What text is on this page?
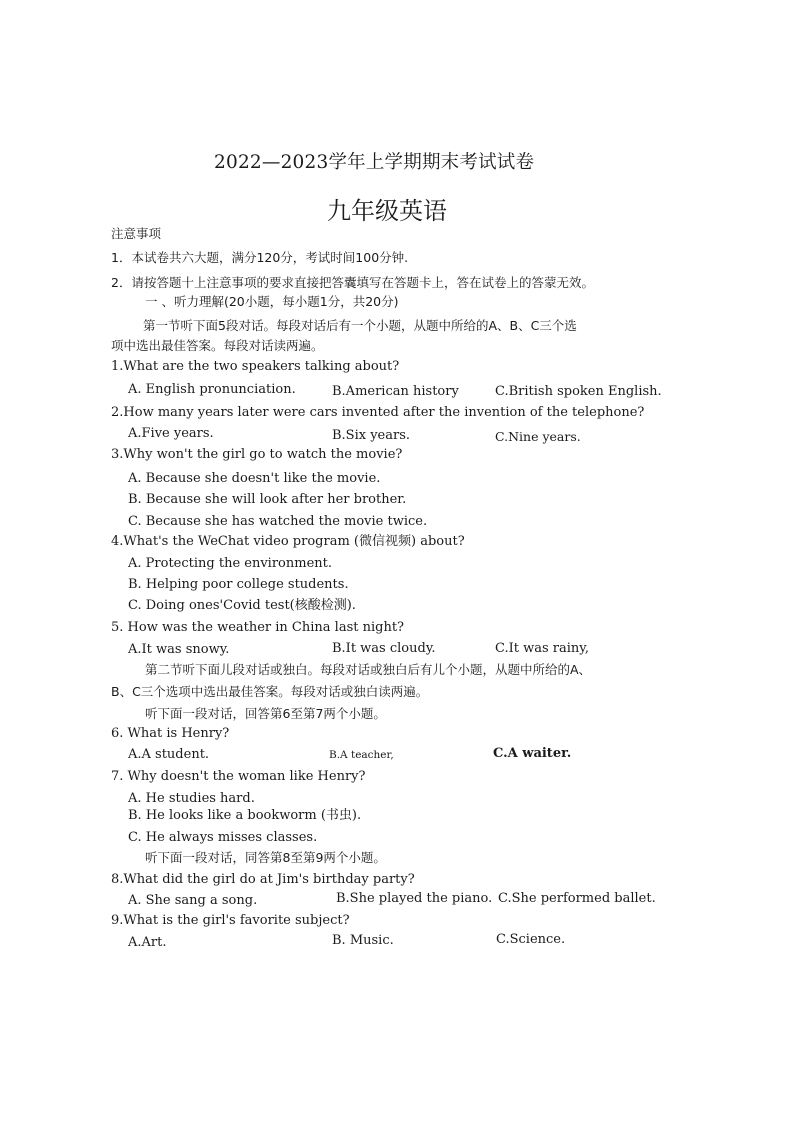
2022—2023学年上学期期末考试试卷
九年级英语
注意事项
1．本试卷共六大题，满分120分，考试时间100分钟.
2．请按答题十上注意事项的要求直接把答囊填写在答题卡上，答在试卷上的答蒙无效。
一 、听力理解(20小题，每小题1分，共20分)
第一节听下面5段对话。每段对话后有一个小题，从题中所给的A、B、C三个选
项中选出最佳答案。每段对话读两遍。
1.What are the two speakers talking about?
A. English pronunciation.	B.American history	C.British spoken English.
2.How many years later were cars invented after the invention of the telephone?
A.Five years.	B.Six years.	C.Nine years.
3.Why won't the girl go to watch the movie?
A. Because she doesn't like the movie.
B. Because she will look after her brother.
C. Because she has watched the movie twice.
4.What's the WeChat video program (微信视频) about?
A. Protecting the environment.
B. Helping poor college students.
C. Doing ones'Covid test(核酸检测).
5. How was the weather in China last night?
A.It was snowy.	B.It was cloudy.	C.It was rainy,
第二节听下面儿段对话或独白。每段对话或独白后有儿个小题，从题中所给的A、
B、C三个选项中选出最佳答案。每段对话或独白读两遍。
听下面一段对话，回答第6至第7两个小题。
6. What is Henry?
A.A student.	B.A teacher,	C.A waiter.
7. Why doesn't the woman like Henry?
A. He studies hard.
B. He looks like a bookworm (书虫).
C. He always misses classes.
听下面一段对话，同答第8至第9两个小题。
8.What did the girl do at Jim's birthday party?
A. She sang a song.	B.She played the piano. C.She performed ballet.
9.What is the girl's favorite subject?
A.Art.	B. Music.	C.Science.
